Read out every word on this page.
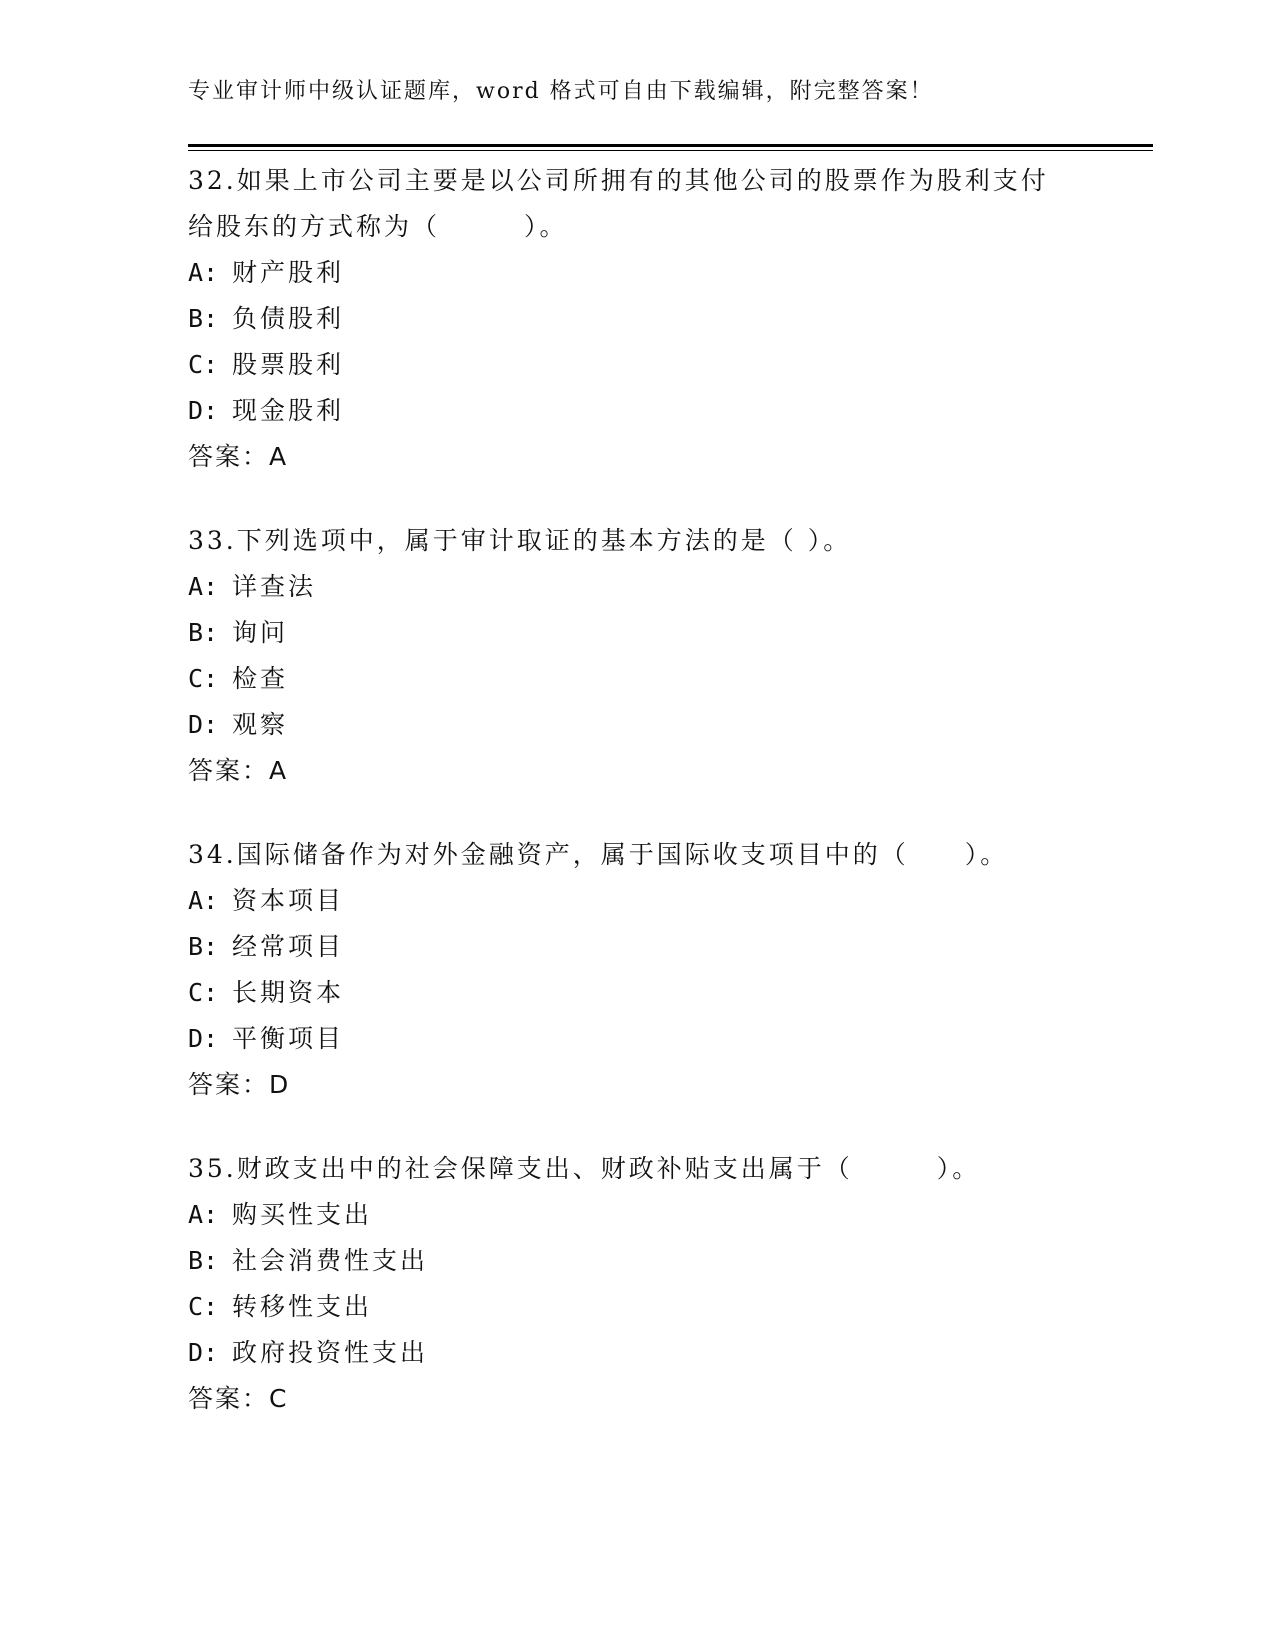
专业审计师中级认证题库，word 格式可自由下载编辑，附完整答案！
32.如果上市公司主要是以公司所拥有的其他公司的股票作为股利支付
给股东的方式称为（　　　）。
A: 财产股利
B: 负债股利
C: 股票股利
D: 现金股利
答案：A
33.下列选项中，属于审计取证的基本方法的是（ ）。
A: 详查法
B: 询问
C: 检查
D: 观察
答案：A
34.国际储备作为对外金融资产，属于国际收支项目中的（　　）。
A: 资本项目
B: 经常项目
C: 长期资本
D: 平衡项目
答案：D
35.财政支出中的社会保障支出、财政补贴支出属于（　　　）。
A: 购买性支出
B: 社会消费性支出
C: 转移性支出
D: 政府投资性支出
答案：C
